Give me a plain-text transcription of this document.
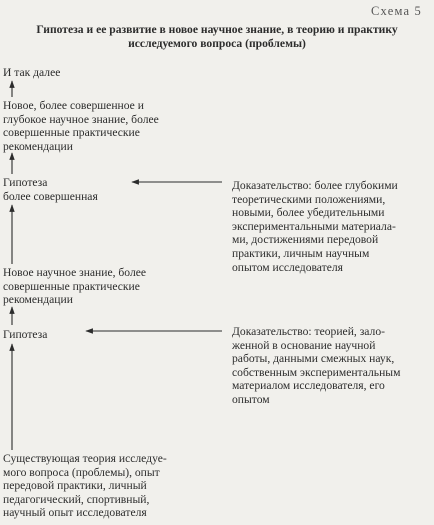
Схема 5
Гипотеза и ее развитие в новое научное знание, в теорию и практику
исследуемого вопроса (проблемы)
И так далее
Новое, более совершенное и
глубокое научное знание, более
совершенные практические
рекомендации
Гипотеза
более совершенная
Новое научное знание, более
совершенные практические
рекомендации
Гипотеза
Существующая теория исследуе-
мого вопроса (проблемы), опыт
передовой практики, личный
педагогический, спортивный,
научный опыт исследователя
Доказательство: более глубокими
теоретическими положениями,
новыми, более убедительными
экспериментальными материала-
ми, достижениями передовой
практики, личным научным
опытом исследователя
Доказательство: теорией, зало-
женной в основание научной
работы, данными смежных наук,
собственным экспериментальным
материалом исследователя, его
опытом
